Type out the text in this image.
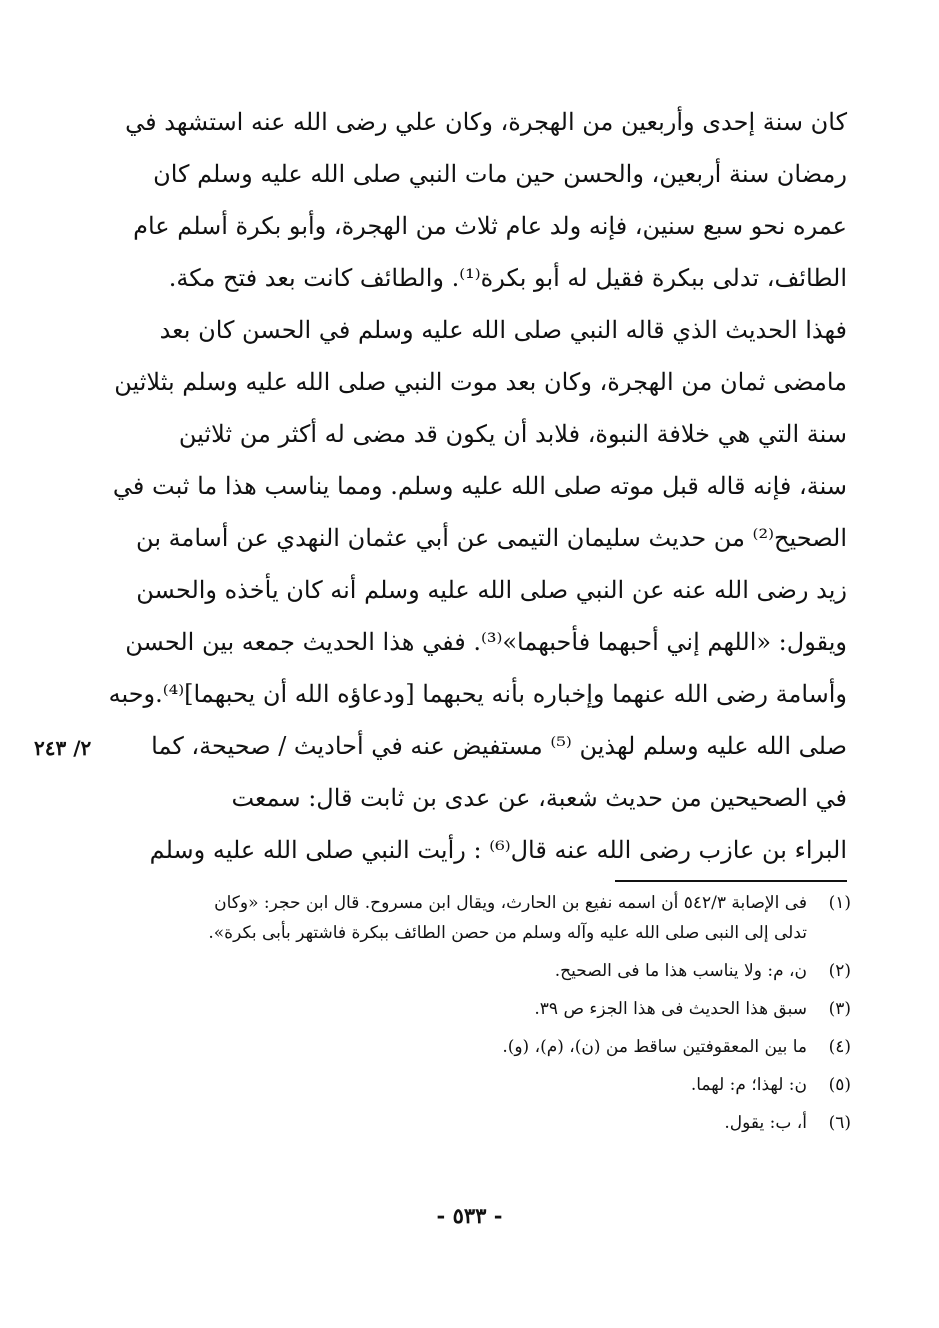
كان سنة إحدى وأربعين من الهجرة، وكان علي رضى الله عنه استشهد في
رمضان سنة أربعين، والحسن حين مات النبي صلى الله عليه وسلم كان
عمره نحو سبع سنين، فإنه ولد عام ثلاث من الهجرة، وأبو بكرة أسلم عام
الطائف، تدلى ببكرة فقيل له أبو بكرة⁽¹⁾. والطائف كانت بعد فتح مكة.
فهذا الحديث الذي قاله النبي صلى الله عليه وسلم في الحسن كان بعد
مامضى ثمان من الهجرة، وكان بعد موت النبي صلى الله عليه وسلم بثلاثين
سنة التي هي خلافة النبوة، فلابد أن يكون قد مضى له أكثر من ثلاثين
سنة، فإنه قاله قبل موته صلى الله عليه وسلم. ومما يناسب هذا ما ثبت في
الصحيح⁽²⁾ من حديث سليمان التيمى عن أبي عثمان النهدي عن أسامة بن
زيد رضى الله عنه عن النبي صلى الله عليه وسلم أنه كان يأخذه والحسن
ويقول: «اللهم إني أحبهما فأحبهما»⁽³⁾. ففي هذا الحديث جمعه بين الحسن
وأسامة رضى الله عنهما وإخباره بأنه يحبهما [ودعاؤه الله أن يحبهما]⁽⁴⁾.وحبه
صلى الله عليه وسلم لهذين ⁽⁵⁾ مستفيض عنه في أحاديث / صحيحة، كما
في الصحيحين من حديث شعبة، عن عدى بن ثابت قال: سمعت
البراء بن عازب رضى الله عنه قال⁽⁶⁾ : رأيت النبي صلى الله عليه وسلم
٢/ ٢٤٣
(١)
فى الإصابة ٥٤٢/٣ أن اسمه نفيع بن الحارث، ويقال ابن مسروح. قال ابن حجر: «وكان
تدلى إلى النبى صلى الله عليه وآله وسلم من حصن الطائف ببكرة فاشتهر بأبى بكرة».
(٢)
ن، م: ولا يناسب هذا ما فى الصحيح.
(٣)
سبق هذا الحديث فى هذا الجزء ص ٣٩.
(٤)
ما بين المعقوفتين ساقط من (ن)، (م)، (و).
(٥)
ن: لهذا؛ م: لهما.
(٦)
أ، ب: يقول.
- ٥٣٣ -
